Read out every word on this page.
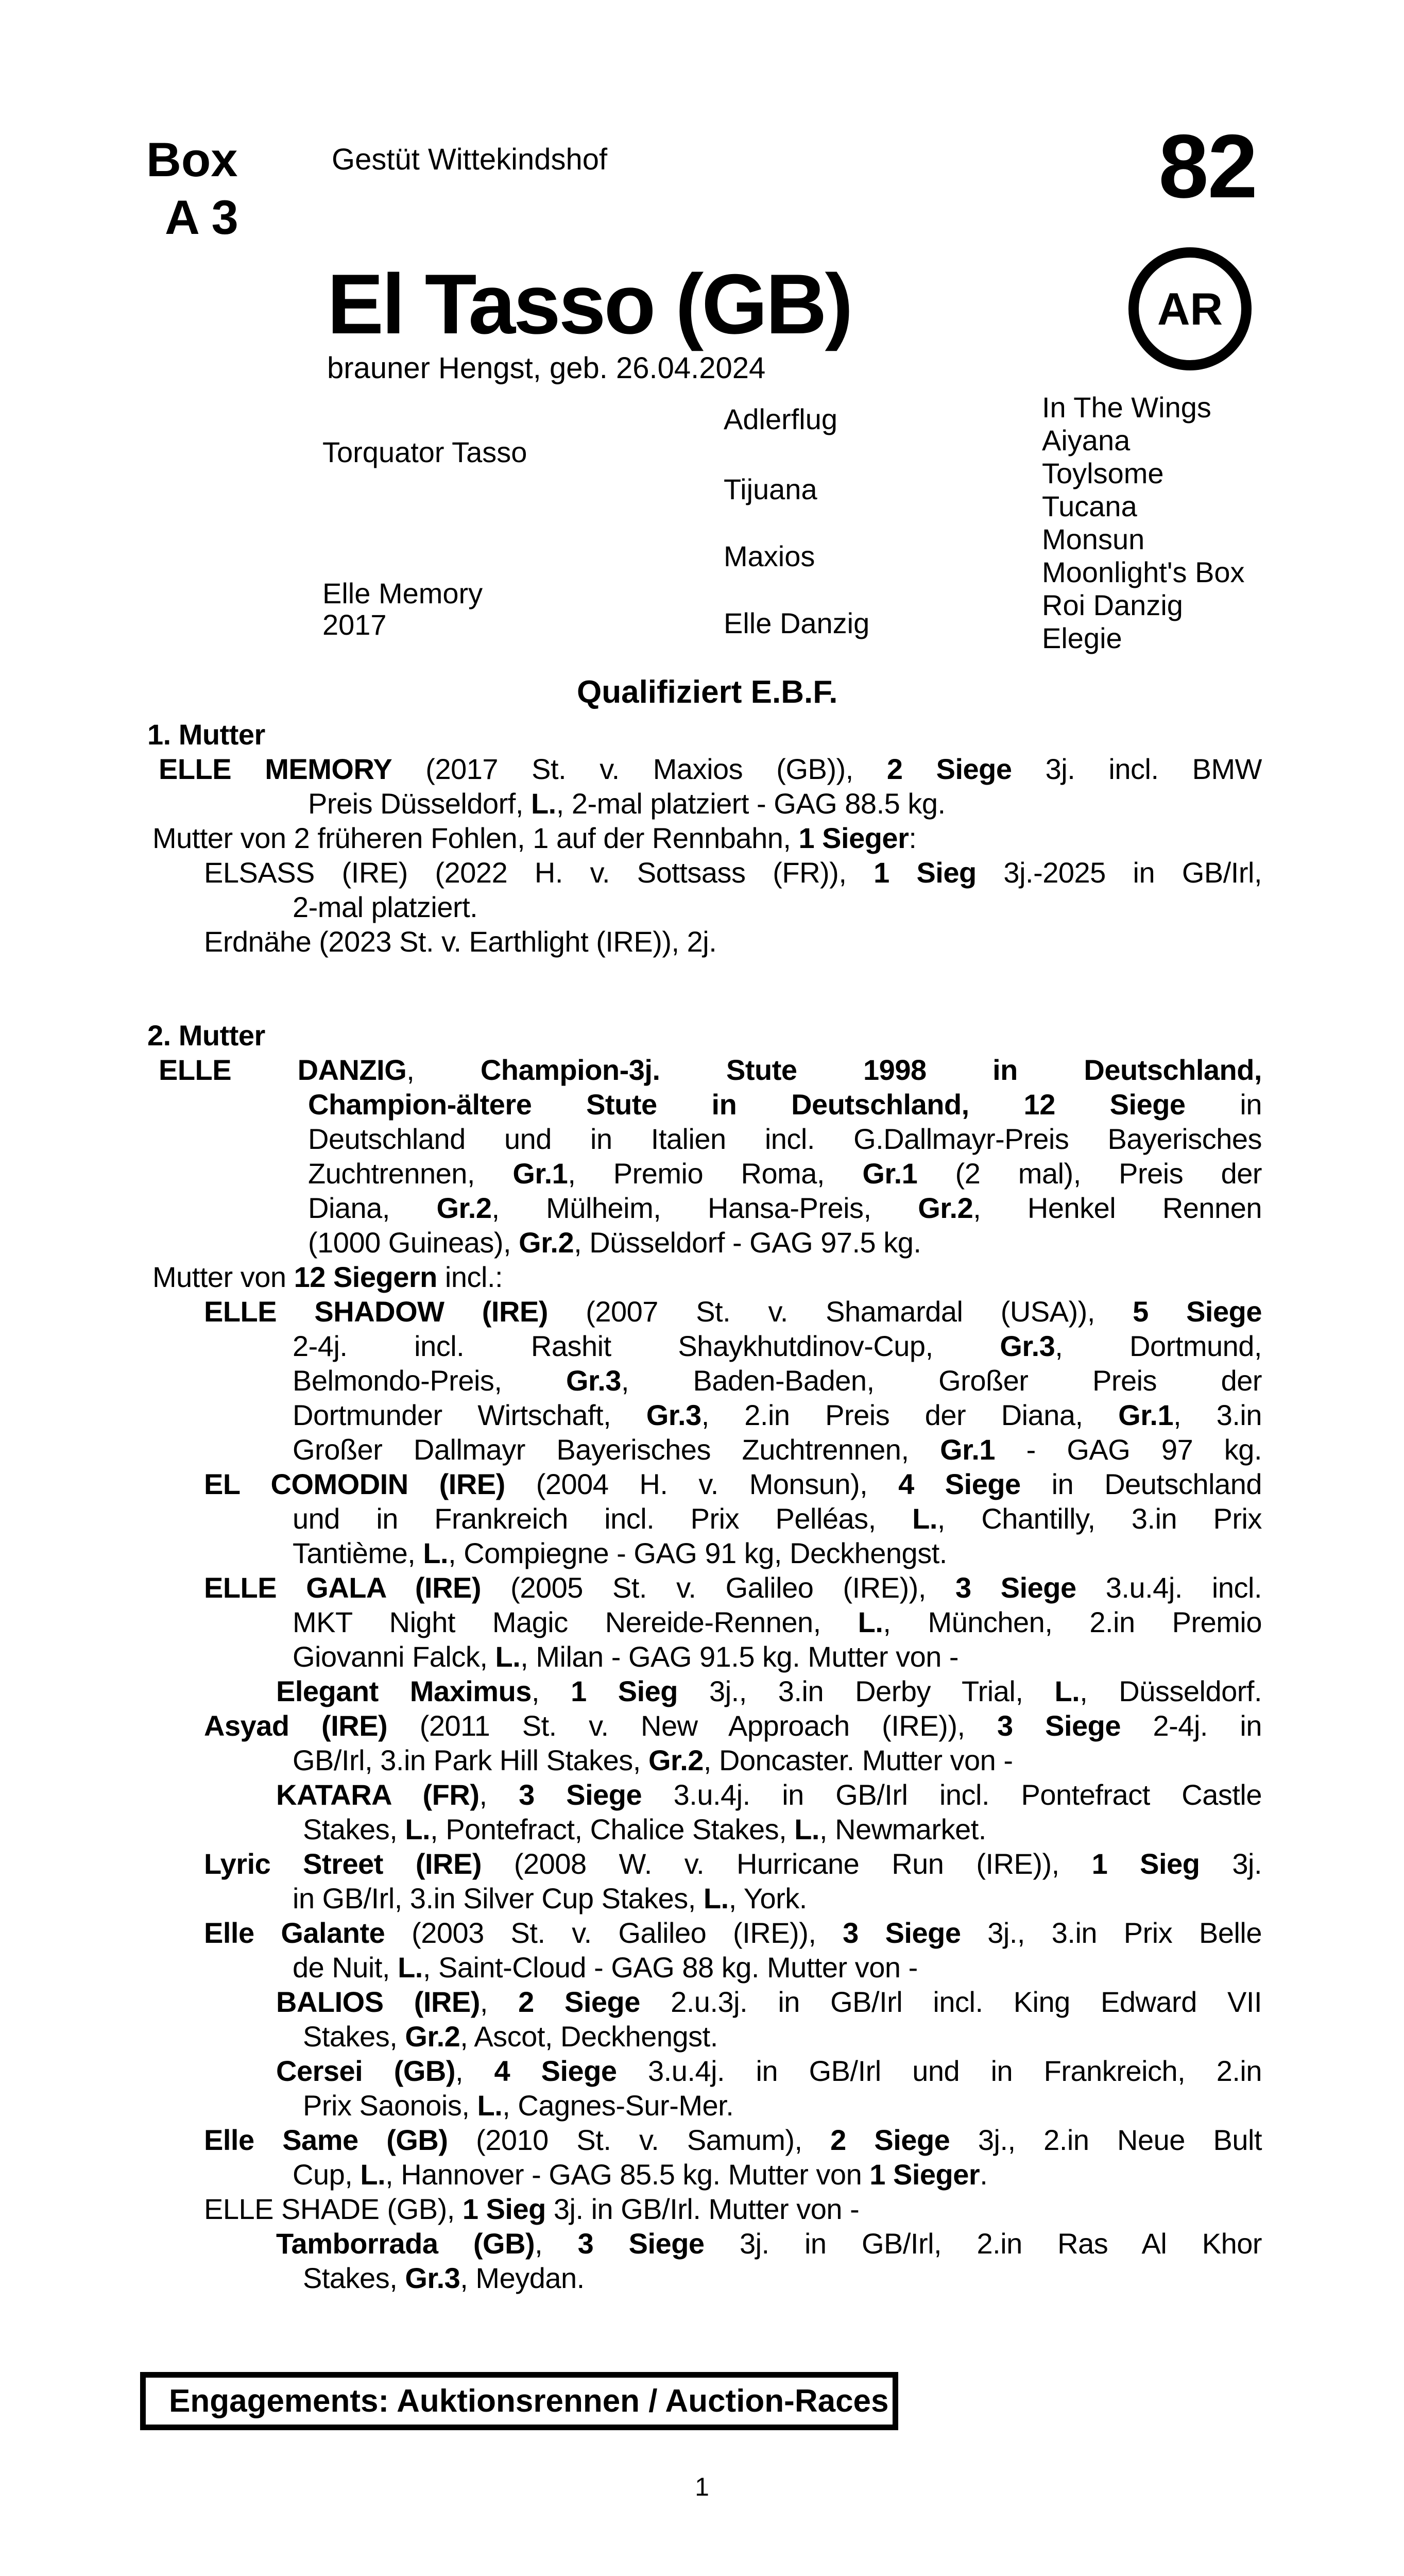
Box
A 3
Gestüt Wittekindshof	82
AR
El Tasso (GB)
brauner Hengst, geb. 26.04.2024
Torquator Tasso
Elle Memory
2017
Adlerflug
Tijuana
Maxios
Elle Danzig
In The Wings
Aiyana
Toylsome
Tucana
Monsun
Moonlight's Box
Roi Danzig
Elegie
Qualifiziert E.B.F.

1. Mutter

ELLE MEMORY (2017 St. v. Maxios (GB)), 2 Siege 3j. incl. BMW

Preis Düsseldorf, L., 2-mal platziert - GAG 88.5 kg.

Mutter von 2 früheren Fohlen, 1 auf der Rennbahn, 1 Sieger:

ELSASS (IRE) (2022 H. v. Sottsass (FR)), 1 Sieg 3j.-2025 in GB/Irl,

2-mal platziert.

Erdnähe (2023 St. v. Earthlight (IRE)), 2j.

2. Mutter

ELLE DANZIG, Champion-3j. Stute 1998 in Deutschland,

Champion-ältere Stute in Deutschland, 12 Siege in

Deutschland und in Italien incl. G.Dallmayr-Preis Bayerisches

Zuchtrennen, Gr.1, Premio Roma, Gr.1 (2 mal), Preis der

Diana, Gr.2, Mülheim, Hansa-Preis, Gr.2, Henkel Rennen

(1000 Guineas), Gr.2, Düsseldorf - GAG 97.5 kg.

Mutter von 12 Siegern incl.:

ELLE SHADOW (IRE) (2007 St. v. Shamardal (USA)), 5 Siege

2-4j. incl. Rashit Shaykhutdinov-Cup, Gr.3, Dortmund,

Belmondo-Preis, Gr.3, Baden-Baden, Großer Preis der

Dortmunder Wirtschaft, Gr.3, 2.in Preis der Diana, Gr.1, 3.in

Großer Dallmayr Bayerisches Zuchtrennen, Gr.1 - GAG 97 kg.

EL COMODIN (IRE) (2004 H. v. Monsun), 4 Siege in Deutschland

und in Frankreich incl. Prix Pelléas, L., Chantilly, 3.in Prix

Tantième, L., Compiegne - GAG 91 kg, Deckhengst.

ELLE GALA (IRE) (2005 St. v. Galileo (IRE)), 3 Siege 3.u.4j. incl.

MKT Night Magic Nereide-Rennen, L., München, 2.in Premio

Giovanni Falck, L., Milan - GAG 91.5 kg. Mutter von -

Elegant Maximus, 1 Sieg 3j., 3.in Derby Trial, L., Düsseldorf.

Asyad (IRE) (2011 St. v. New Approach (IRE)), 3 Siege 2-4j. in

GB/Irl, 3.in Park Hill Stakes, Gr.2, Doncaster. Mutter von -

KATARA (FR), 3 Siege 3.u.4j. in GB/Irl incl. Pontefract Castle

Stakes, L., Pontefract, Chalice Stakes, L., Newmarket.

Lyric Street (IRE) (2008 W. v. Hurricane Run (IRE)), 1 Sieg 3j.

in GB/Irl, 3.in Silver Cup Stakes, L., York.

Elle Galante (2003 St. v. Galileo (IRE)), 3 Siege 3j., 3.in Prix Belle

de Nuit, L., Saint-Cloud - GAG 88 kg. Mutter von -

BALIOS (IRE), 2 Siege 2.u.3j. in GB/Irl incl. King Edward VII

Stakes, Gr.2, Ascot, Deckhengst.

Cersei (GB), 4 Siege 3.u.4j. in GB/Irl und in Frankreich, 2.in

Prix Saonois, L., Cagnes-Sur-Mer.

Elle Same (GB) (2010 St. v. Samum), 2 Siege 3j., 2.in Neue Bult

Cup, L., Hannover - GAG 85.5 kg. Mutter von 1 Sieger.

ELLE SHADE (GB), 1 Sieg 3j. in GB/Irl. Mutter von -

Tamborrada (GB), 3 Siege 3j. in GB/Irl, 2.in Ras Al Khor

Stakes, Gr.3, Meydan.

Engagements: Auktionsrennen / Auction-Races
1
